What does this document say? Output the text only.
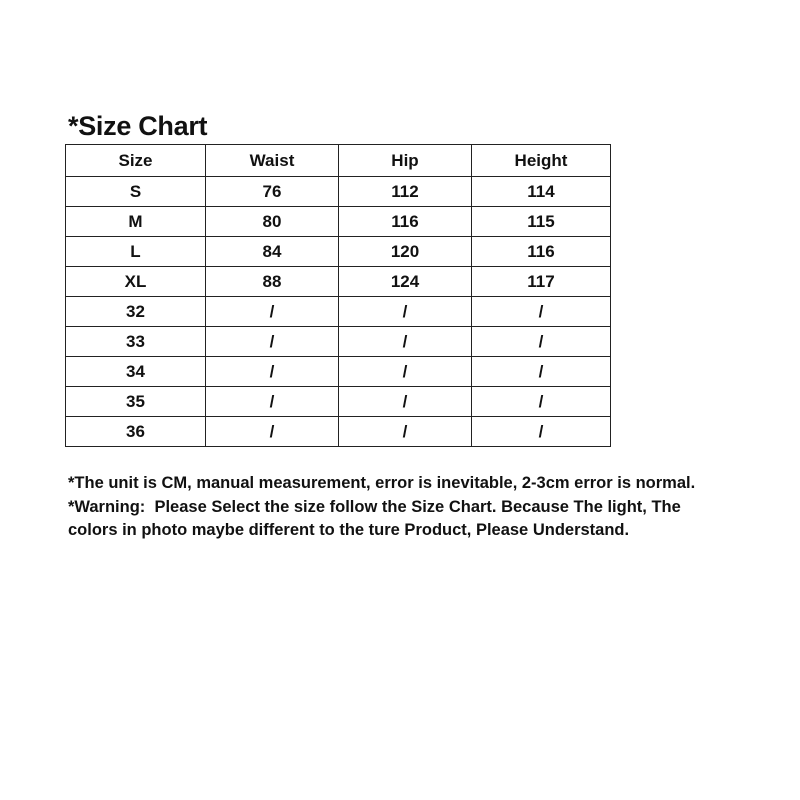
*Size Chart
Size	Waist	Hip	Height
S	76	112	114
M	80	116	115
L	84	120	116
XL	88	124	117
32	/	/	/
33	/	/	/
34	/	/	/
35	/	/	/
36	/	/	/

*The unit is CM, manual measurement, error is inevitable, 2-3cm error is normal.

*Warning:  Please Select the size follow the Size Chart. Because The light, The

colors in photo maybe different to the ture Product, Please Understand.
